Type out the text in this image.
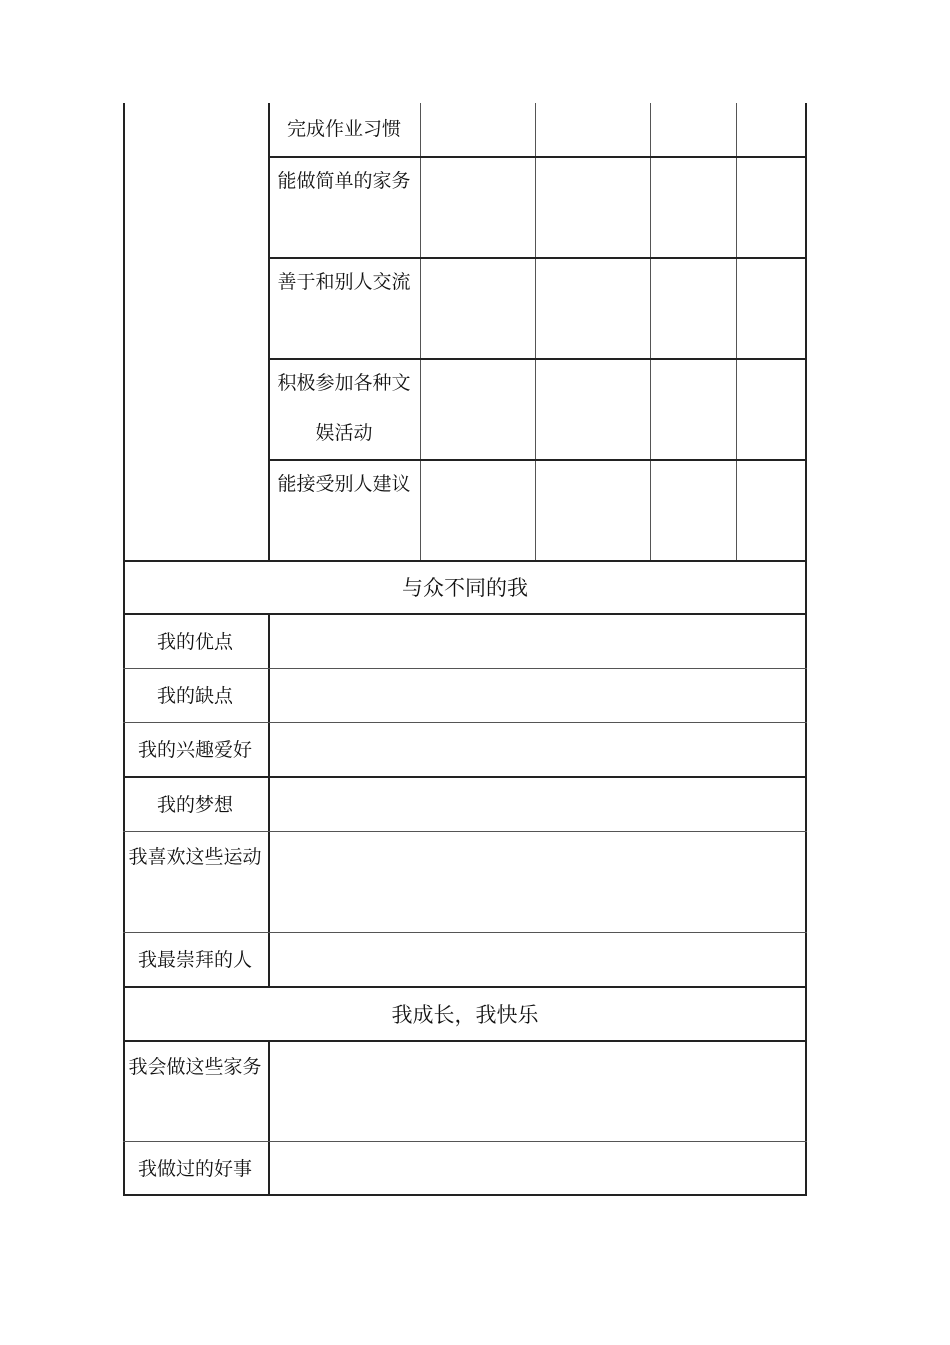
完成作业习惯
能做简单的家务
善于和别人交流
积极参加各种文娱活动
能接受别人建议
与众不同的我
我的优点
我的缺点
我的兴趣爱好
我的梦想
我喜欢这些运动
我最崇拜的人
我成长，我快乐
我会做这些家务
我做过的好事
